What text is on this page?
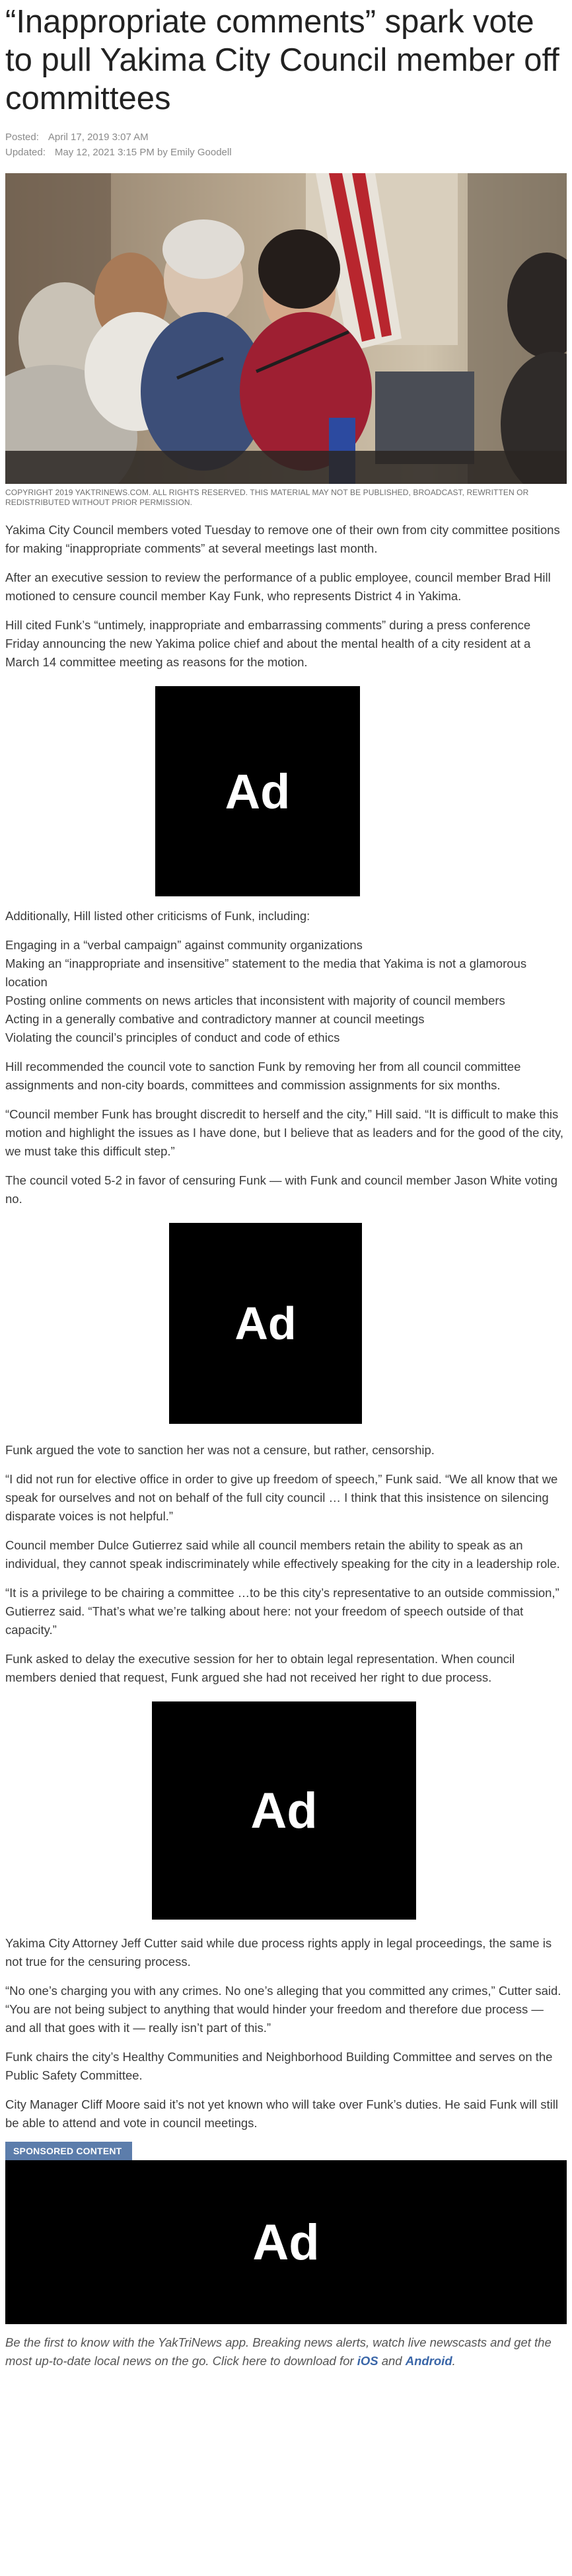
“Inappropriate comments” spark vote to pull Yakima City Council member off committees
Posted: April 17, 2019 3:07 AM
Updated: May 12, 2021 3:15 PM by Emily Goodell
COPYRIGHT 2019 YAKTRINEWS.COM. ALL RIGHTS RESERVED. THIS MATERIAL MAY NOT BE PUBLISHED, BROADCAST, REWRITTEN OR REDISTRIBUTED WITHOUT PRIOR PERMISSION.

Yakima City Council members voted Tuesday to remove one of their own from city committee positions for making “inappropriate comments” at several meetings last month.

After an executive session to review the performance of a public employee, council member Brad Hill motioned to censure council member Kay Funk, who represents District 4 in Yakima.

Hill cited Funk’s “untimely, inappropriate and embarrassing comments” during a press conference Friday announcing the new Yakima police chief and about the mental health of a city resident at a March 14 committee meeting as reasons for the motion.

Ad

Additionally, Hill listed other criticisms of Funk, including:

Engaging in a “verbal campaign” against community organizations
Making an “inappropriate and insensitive” statement to the media that Yakima is not a glamorous location
Posting online comments on news articles that inconsistent with majority of council members
Acting in a generally combative and contradictory manner at council meetings
Violating the council’s principles of conduct and code of ethics

Hill recommended the council vote to sanction Funk by removing her from all council committee assignments and non-city boards, committees and commission assignments for six months.

“Council member Funk has brought discredit to herself and the city,” Hill said. “It is difficult to make this motion and highlight the issues as I have done, but I believe that as leaders and for the good of the city, we must take this difficult step.”

The council voted 5-2 in favor of censuring Funk — with Funk and council member Jason White voting no.

Ad

Funk argued the vote to sanction her was not a censure, but rather, censorship.

“I did not run for elective office in order to give up freedom of speech,” Funk said. “We all know that we speak for ourselves and not on behalf of the full city council … I think that this insistence on silencing disparate voices is not helpful.”

Council member Dulce Gutierrez said while all council members retain the ability to speak as an individual, they cannot speak indiscriminately while effectively speaking for the city in a leadership role.

“It is a privilege to be chairing a committee …to be this city’s representative to an outside commission,” Gutierrez said. “That’s what we’re talking about here: not your freedom of speech outside of that capacity.”

Funk asked to delay the executive session for her to obtain legal representation. When council members denied that request, Funk argued she had not received her right to due process.

Ad

Yakima City Attorney Jeff Cutter said while due process rights apply in legal proceedings, the same is not true for the censuring process.

“No one’s charging you with any crimes. No one’s alleging that you committed any crimes,” Cutter said. “You are not being subject to anything that would hinder your freedom and therefore due process — and all that goes with it — really isn’t part of this.”

Funk chairs the city’s Healthy Communities and Neighborhood Building Committee and serves on the Public Safety Committee.

City Manager Cliff Moore said it’s not yet known who will take over Funk’s duties. He said Funk will still be able to attend and vote in council meetings.

SPONSORED CONTENT
Ad

Be the first to know with the YakTriNews app. Breaking news alerts, watch live newscasts and get the most up-to-date local news on the go. Click here to download for iOS and Android.
